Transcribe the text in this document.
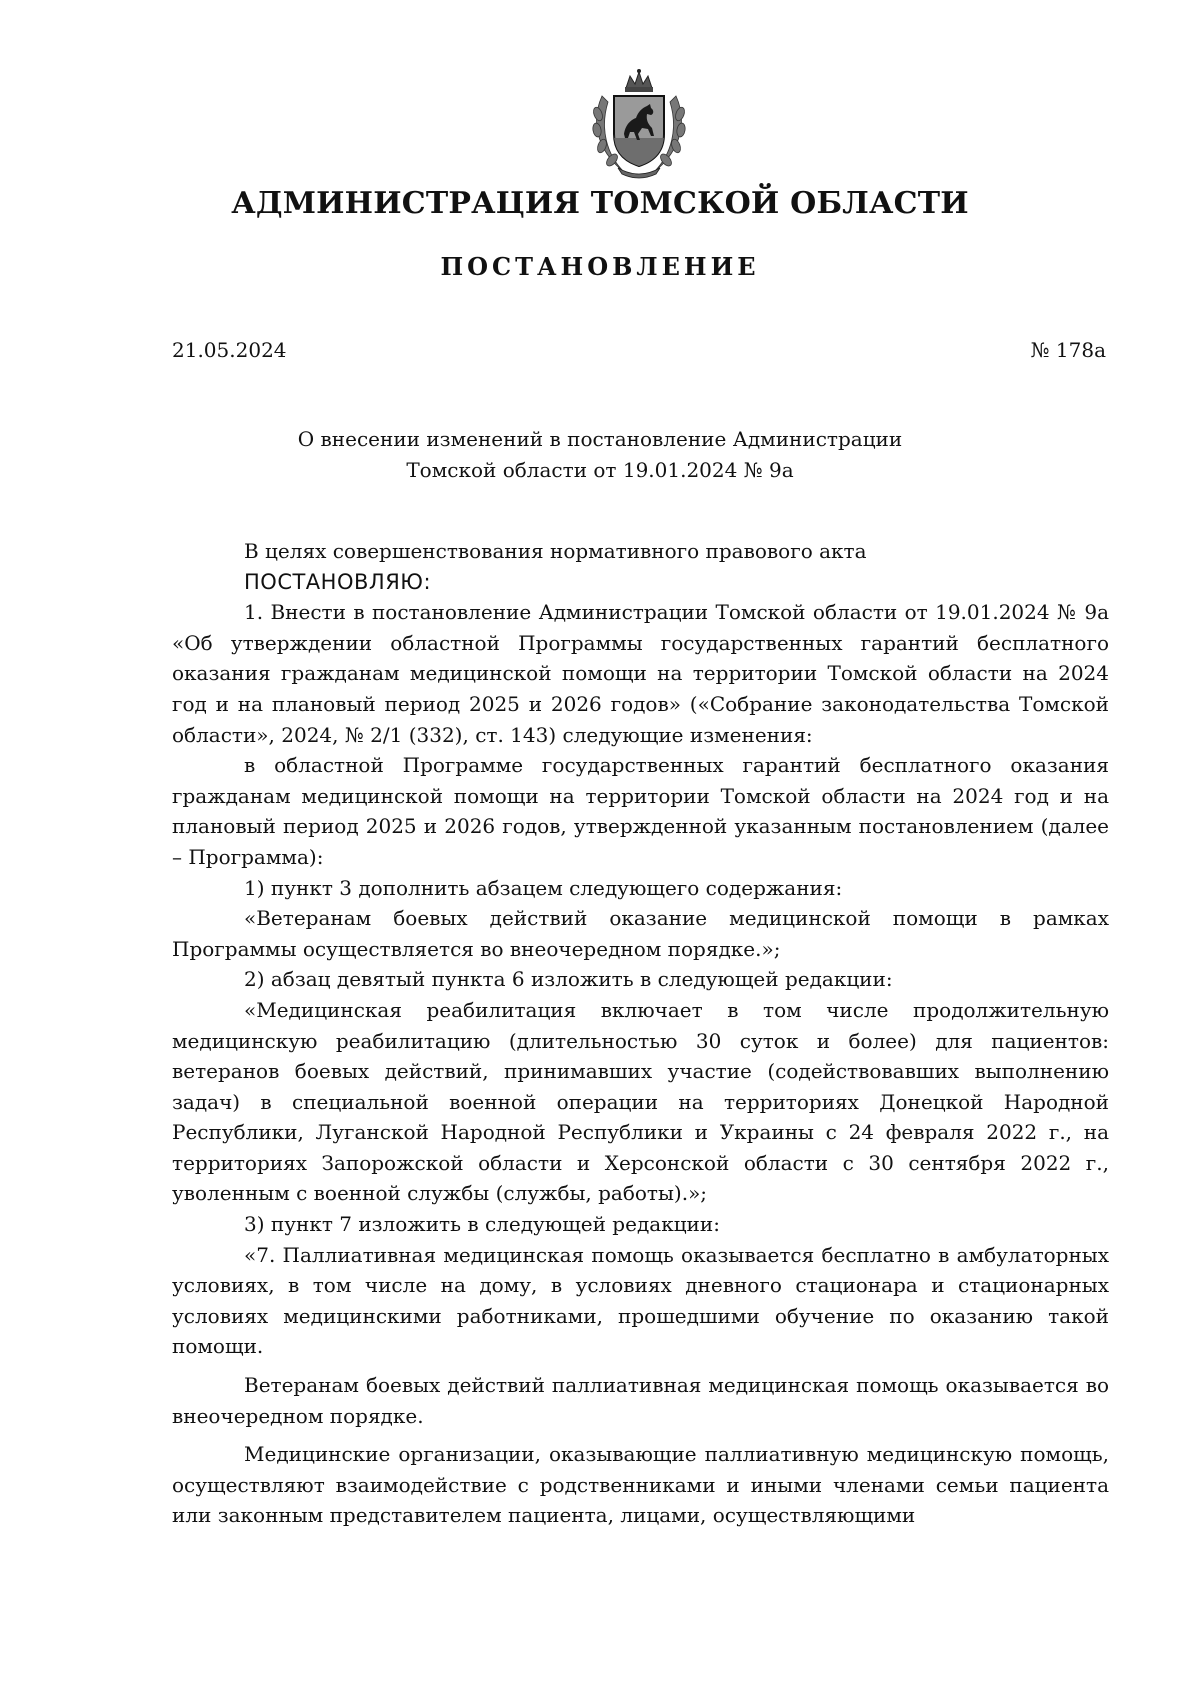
АДМИНИСТРАЦИЯ ТОМСКОЙ ОБЛАСТИ
ПОСТАНОВЛЕНИЕ
21.05.2024	№ 178а
О внесении изменений в постановление Администрации
Томской области от 19.01.2024 № 9а

В целях совершенствования нормативного правового акта

ПОСТАНОВЛЯЮ:

1. Внести в постановление Администрации Томской области от 19.01.2024 № 9а «Об утверждении областной Программы государственных гарантий бесплатного оказания гражданам медицинской помощи на территории Томской области на 2024 год и на плановый период 2025 и 2026 годов» («Собрание законодательства Томской области», 2024, № 2/1 (332), ст. 143) следующие изменения:

в областной Программе государственных гарантий бесплатного оказания гражданам медицинской помощи на территории Томской области на 2024 год и на плановый период 2025 и 2026 годов, утвержденной указанным постановлением (далее – Программа):

1) пункт 3 дополнить абзацем следующего содержания:

«Ветеранам боевых действий оказание медицинской помощи в рамках Программы осуществляется во внеочередном порядке.»;

2) абзац девятый пункта 6 изложить в следующей редакции:

«Медицинская реабилитация включает в том числе продолжительную медицинскую реабилитацию (длительностью 30 суток и более) для пациентов: ветеранов боевых действий, принимавших участие (содействовавших выполнению задач) в специальной военной операции на территориях Донецкой Народной Республики, Луганской Народной Республики и Украины с 24 февраля 2022 г., на территориях Запорожской области и Херсонской области с 30 сентября 2022 г., уволенным с военной службы (службы, работы).»;

3) пункт 7 изложить в следующей редакции:

«7. Паллиативная медицинская помощь оказывается бесплатно в амбулаторных условиях, в том числе на дому, в условиях дневного стационара и стационарных условиях медицинскими работниками, прошедшими обучение по оказанию такой помощи.

Ветеранам боевых действий паллиативная медицинская помощь оказывается во внеочередном порядке.

Медицинские организации, оказывающие паллиативную медицинскую помощь, осуществляют взаимодействие с родственниками и иными членами семьи пациента или законным представителем пациента, лицами, осуществляющими
